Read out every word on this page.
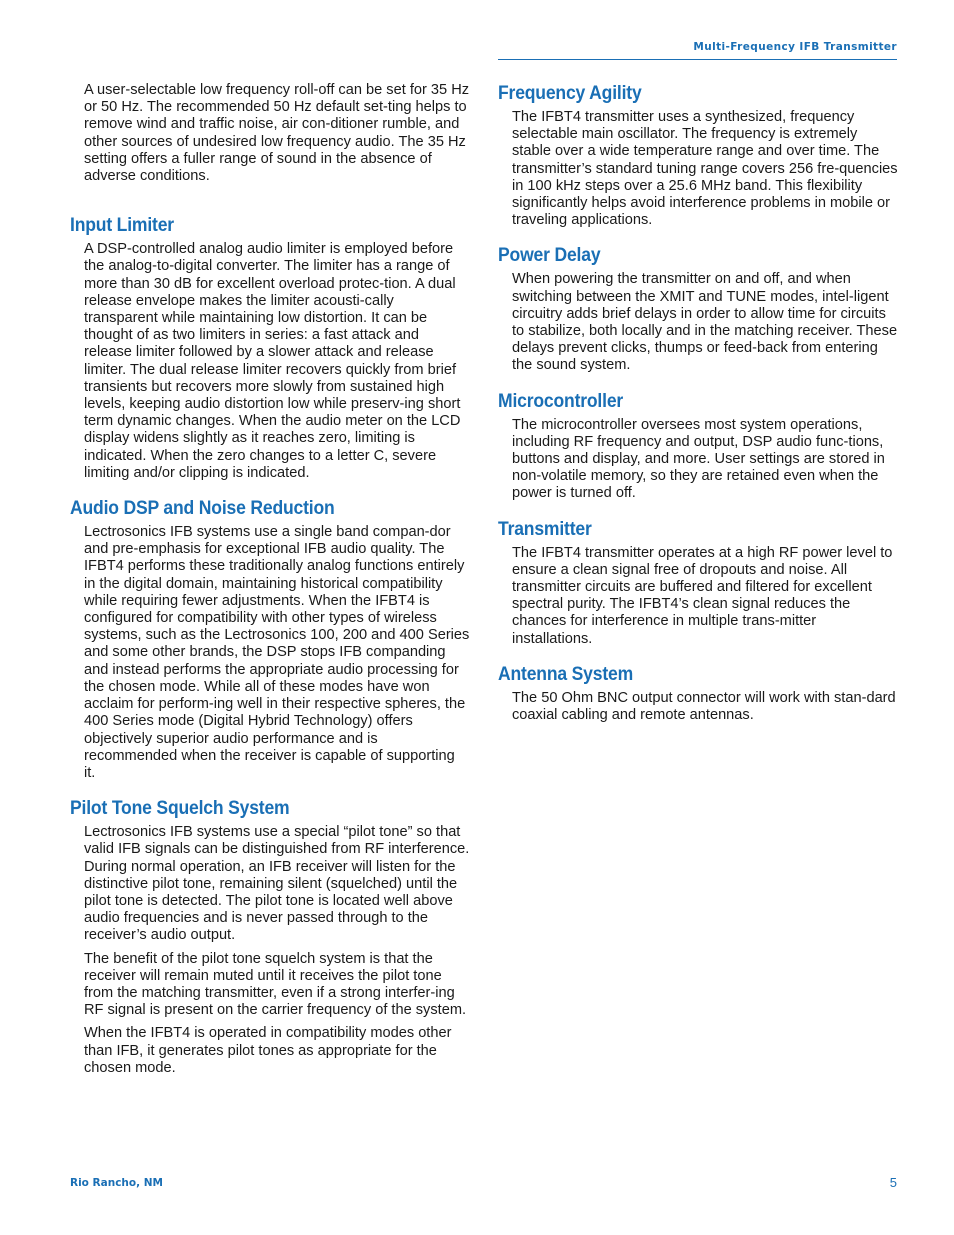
Multi-Frequency IFB Transmitter

A user-selectable low frequency roll-off can be set for 35 Hz or 50 Hz. The recommended 50 Hz default set-ting helps to remove wind and traffic noise, air con-ditioner rumble, and other sources of undesired low frequency audio. The 35 Hz setting offers a fuller range of sound in the absence of adverse conditions.

Input Limiter

A DSP-controlled analog audio limiter is employed before the analog-to-digital converter. The limiter has a range of more than 30 dB for excellent overload protec-tion. A dual release envelope makes the limiter acousti-cally transparent while maintaining low distortion. It can be thought of as two limiters in series: a fast attack and release limiter followed by a slower attack and release limiter. The dual release limiter recovers quickly from brief transients but recovers more slowly from sustained high levels, keeping audio distortion low while preserv-ing short term dynamic changes. When the audio meter on the LCD display widens slightly as it reaches zero, limiting is indicated. When the zero changes to a letter C, severe limiting and/or clipping is indicated.

Audio DSP and Noise Reduction

Lectrosonics IFB systems use a single band compan-dor and pre-emphasis for exceptional IFB audio quality. The IFBT4 performs these traditionally analog functions entirely in the digital domain, maintaining historical compatibility while requiring fewer adjustments. When the IFBT4 is configured for compatibility with other types of wireless systems, such as the Lectrosonics 100, 200 and 400 Series and some other brands, the DSP stops IFB companding and instead performs the appropriate audio processing for the chosen mode. While all of these modes have won acclaim for perform-ing well in their respective spheres, the 400 Series mode (Digital Hybrid Technology) offers objectively superior audio performance and is recommended when the receiver is capable of supporting it.

Pilot Tone Squelch System

Lectrosonics IFB systems use a special “pilot tone” so that valid IFB signals can be distinguished from RF interference. During normal operation, an IFB receiver will listen for the distinctive pilot tone, remaining silent (squelched) until the pilot tone is detected. The pilot tone is located well above audio frequencies and is never passed through to the receiver’s audio output.

The benefit of the pilot tone squelch system is that the receiver will remain muted until it receives the pilot tone from the matching transmitter, even if a strong interfer-ing RF signal is present on the carrier frequency of the system.

When the IFBT4 is operated in compatibility modes other than IFB, it generates pilot tones as appropriate for the chosen mode.

Frequency Agility

The IFBT4 transmitter uses a synthesized, frequency selectable main oscillator. The frequency is extremely stable over a wide temperature range and over time. The transmitter’s standard tuning range covers 256 fre-quencies in 100 kHz steps over a 25.6 MHz band. This flexibility significantly helps avoid interference problems in mobile or traveling applications.

Power Delay

When powering the transmitter on and off, and when switching between the XMIT and TUNE modes, intel-ligent circuitry adds brief delays in order to allow time for circuits to stabilize, both locally and in the matching receiver. These delays prevent clicks, thumps or feed-back from entering the sound system.

Microcontroller

The microcontroller oversees most system operations, including RF frequency and output, DSP audio func-tions, buttons and display, and more. User settings are stored in non-volatile memory, so they are retained even when the power is turned off.

Transmitter

The IFBT4 transmitter operates at a high RF power level to ensure a clean signal free of dropouts and noise. All transmitter circuits are buffered and filtered for excellent spectral purity. The IFBT4’s clean signal reduces the chances for interference in multiple trans-mitter installations.

Antenna System

The 50 Ohm BNC output connector will work with stan-dard coaxial cabling and remote antennas.

Rio Rancho, NM	5
